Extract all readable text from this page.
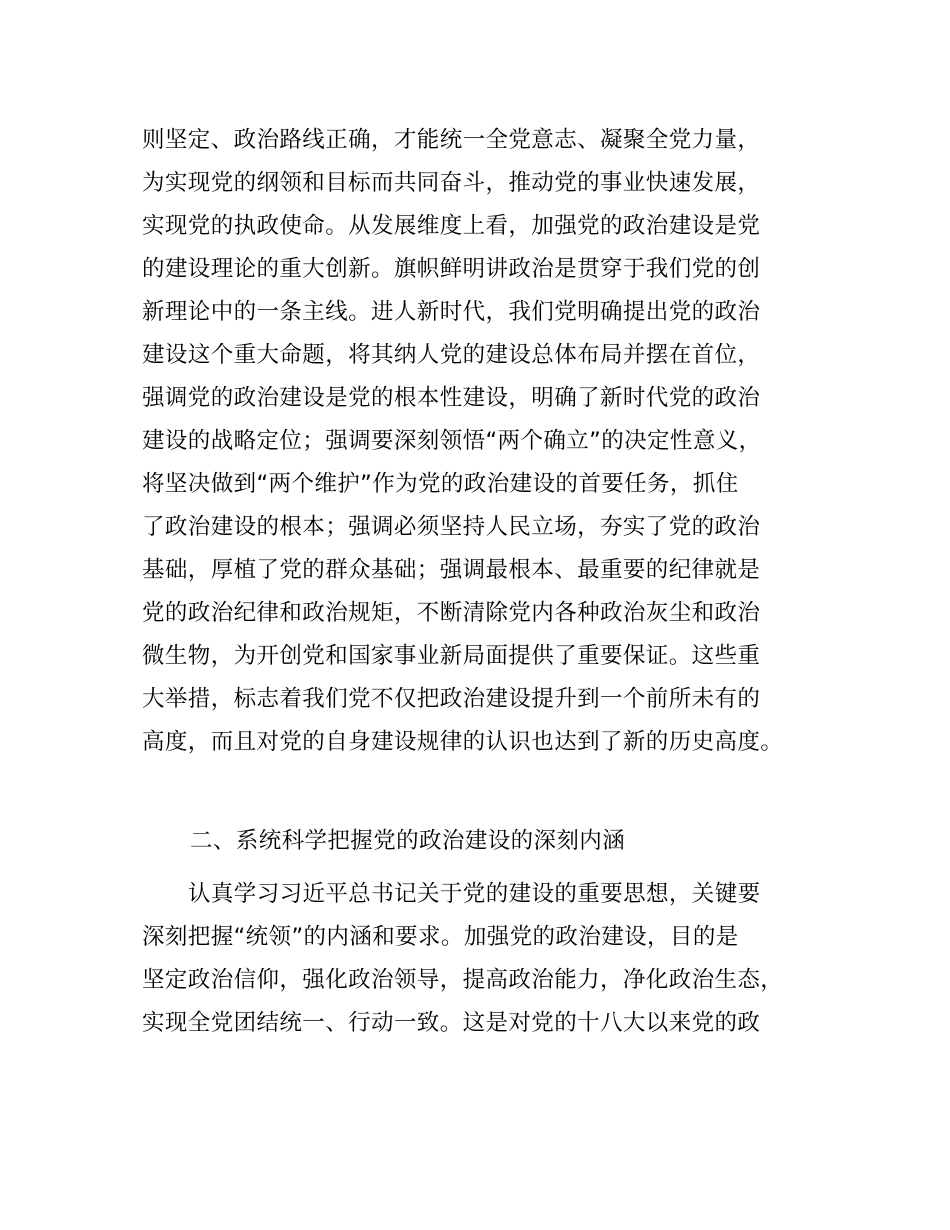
则坚定、政治路线正确，才能统一全党意志、凝聚全党力量，
为实现党的纲领和目标而共同奋斗，推动党的事业快速发展，
实现党的执政使命。从发展维度上看，加强党的政治建设是党
的建设理论的重大创新。旗帜鲜明讲政治是贯穿于我们党的创
新理论中的一条主线。进人新时代，我们党明确提出党的政治
建设这个重大命题，将其纳人党的建设总体布局并摆在首位，
强调党的政治建设是党的根本性建设，明确了新时代党的政治
建设的战略定位；强调要深刻领悟“两个确立”的决定性意义，
将坚决做到“两个维护”作为党的政治建设的首要任务，抓住
了政治建设的根本；强调必须坚持人民立场，夯实了党的政治
基础，厚植了党的群众基础；强调最根本、最重要的纪律就是
党的政治纪律和政治规矩，不断清除党内各种政治灰尘和政治
微生物，为开创党和国家事业新局面提供了重要保证。这些重
大举措，标志着我们党不仅把政治建设提升到一个前所未有的
高度，而且对党的自身建设规律的认识也达到了新的历史高度。
二、系统科学把握党的政治建设的深刻内涵
认真学习习近平总书记关于党的建设的重要思想，关键要
深刻把握“统领”的内涵和要求。加强党的政治建设，目的是
坚定政治信仰，强化政治领导，提高政治能力，净化政治生态，
实现全党团结统一、行动一致。这是对党的十八大以来党的政
